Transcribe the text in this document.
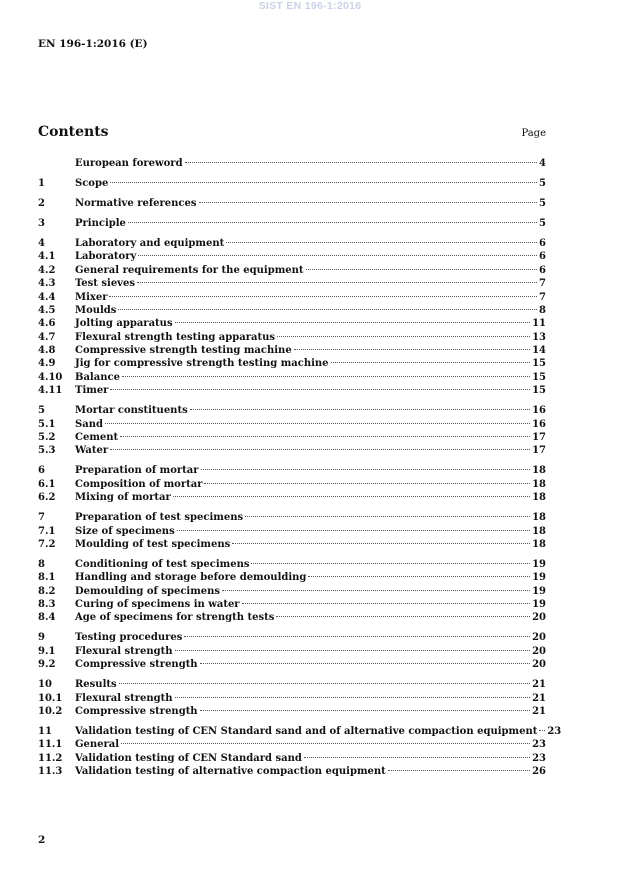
SIST EN 196-1:2016
EN 196-1:2016 (E)
Contents	Page
European foreword	4
1	Scope	5
2	Normative references	5
3	Principle	5
4	Laboratory and equipment	6
4.1	Laboratory	6
4.2	General requirements for the equipment	6
4.3	Test sieves	7
4.4	Mixer	7
4.5	Moulds	8
4.6	Jolting apparatus	11
4.7	Flexural strength testing apparatus	13
4.8	Compressive strength testing machine	14
4.9	Jig for compressive strength testing machine	15
4.10	Balance	15
4.11	Timer	15
5	Mortar constituents	16
5.1	Sand	16
5.2	Cement	17
5.3	Water	17
6	Preparation of mortar	18
6.1	Composition of mortar	18
6.2	Mixing of mortar	18
7	Preparation of test specimens	18
7.1	Size of specimens	18
7.2	Moulding of test specimens	18
8	Conditioning of test specimens	19
8.1	Handling and storage before demoulding	19
8.2	Demoulding of specimens	19
8.3	Curing of specimens in water	19
8.4	Age of specimens for strength tests	20
9	Testing procedures	20
9.1	Flexural strength	20
9.2	Compressive strength	20
10	Results	21
10.1	Flexural strength	21
10.2	Compressive strength	21
11	Validation testing of CEN Standard sand and of alternative compaction equipment 23
11.1	General	23
11.2	Validation testing of CEN Standard sand	23
11.3	Validation testing of alternative compaction equipment	26
2
